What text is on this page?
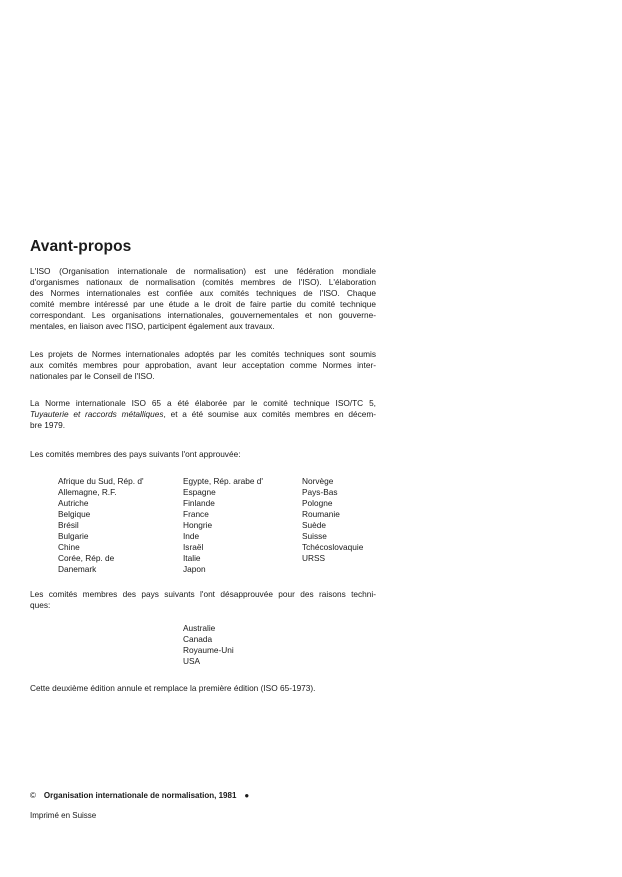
Avant-propos

L'ISO (Organisation internationale de normalisation) est une fédération mondiale
d'organismes nationaux de normalisation (comités membres de l'ISO). L'élaboration
des Normes internationales est confiée aux comités techniques de l'ISO. Chaque
comité membre intéressé par une étude a le droit de faire partie du comité technique
correspondant. Les organisations internationales, gouvernementales et non gouverne-
mentales, en liaison avec l'ISO, participent également aux travaux.

Les projets de Normes internationales adoptés par les comités techniques sont soumis
aux comités membres pour approbation, avant leur acceptation comme Normes inter-
nationales par le Conseil de l'ISO.

La Norme internationale ISO 65 a été élaborée par le comité technique ISO/TC 5,
Tuyauterie et raccords métalliques, et a été soumise aux comités membres en décem-
bre 1979.

Les comités membres des pays suivants l'ont approuvée:

Afrique du Sud, Rép. d'
Allemagne, R.F.
Autriche
Belgique
Brésil
Bulgarie
Chine
Corée, Rép. de
Danemark
Egypte, Rép. arabe d'
Espagne
Finlande
France
Hongrie
Inde
Israël
Italie
Japon
Norvège
Pays-Bas
Pologne
Roumanie
Suède
Suisse
Tchécoslovaquie
URSS

Les comités membres des pays suivants l'ont désapprouvée pour des raisons techni-
ques:

Australie
Canada
Royaume-Uni
USA

Cette deuxième édition annule et remplace la première édition (ISO 65-1973).

© Organisation internationale de normalisation, 1981 ●
Imprimé en Suisse
